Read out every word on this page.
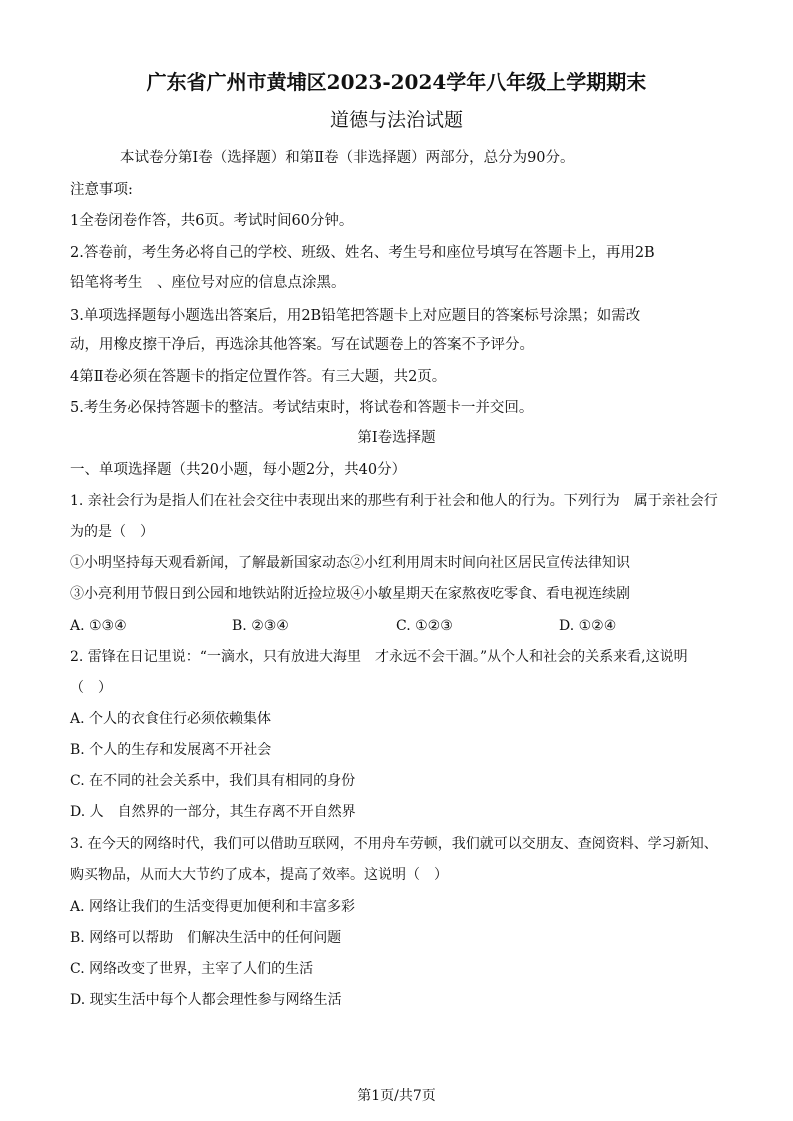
广东省广州市黄埔区2023-2024学年八年级上学期期末
道德与法治试题
本试卷分第Ⅰ卷（选择题）和第Ⅱ卷（非选择题）两部分，总分为90分。
注意事项:
1全卷闭卷作答，共6页。考试时间60分钟。
2.答卷前，考生务必将自己的学校、班级、姓名、考生号和座位号填写在答题卡上，再用2B
铅笔将考生　、座位号对应的信息点涂黑。
3.单项选择题每小题选出答案后，用2B铅笔把答题卡上对应题目的答案标号涂黑；如需改
动，用橡皮擦干净后，再选涂其他答案。写在试题卷上的答案不予评分。
4第Ⅱ卷必须在答题卡的指定位置作答。有三大题，共2页。
5.考生务必保持答题卡的整洁。考试结束时，将试卷和答题卡一并交回。
第Ⅰ卷选择题
一、单项选择题（共20小题，每小题2分，共40分）
1. 亲社会行为是指人们在社会交往中表现出来的那些有利于社会和他人的行为。下列行为　属于亲社会行
为的是（　）
①小明坚持每天观看新闻，了解最新国家动态②小红利用周末时间向社区居民宣传法律知识
③小亮利用节假日到公园和地铁站附近捡垃圾④小敏星期天在家熬夜吃零食、看电视连续剧
A. ①③④	B. ②③④	C. ①②③	D. ①②④
2. 雷锋在日记里说：“一滴水，只有放进大海里　才永远不会干涸。”从个人和社会的关系来看,这说明
（　）
A. 个人的衣食住行必须依赖集体
B. 个人的生存和发展离不开社会
C. 在不同的社会关系中，我们具有相同的身份
D. 人　自然界的一部分，其生存离不开自然界
3. 在今天的网络时代，我们可以借助互联网，不用舟车劳顿，我们就可以交朋友、查阅资料、学习新知、
购买物品，从而大大节约了成本，提高了效率。这说明（　）
A. 网络让我们的生活变得更加便利和丰富多彩
B. 网络可以帮助　们解决生活中的任何问题
C. 网络改变了世界，主宰了人们的生活
D. 现实生活中每个人都会理性参与网络生活
第1页/共7页
